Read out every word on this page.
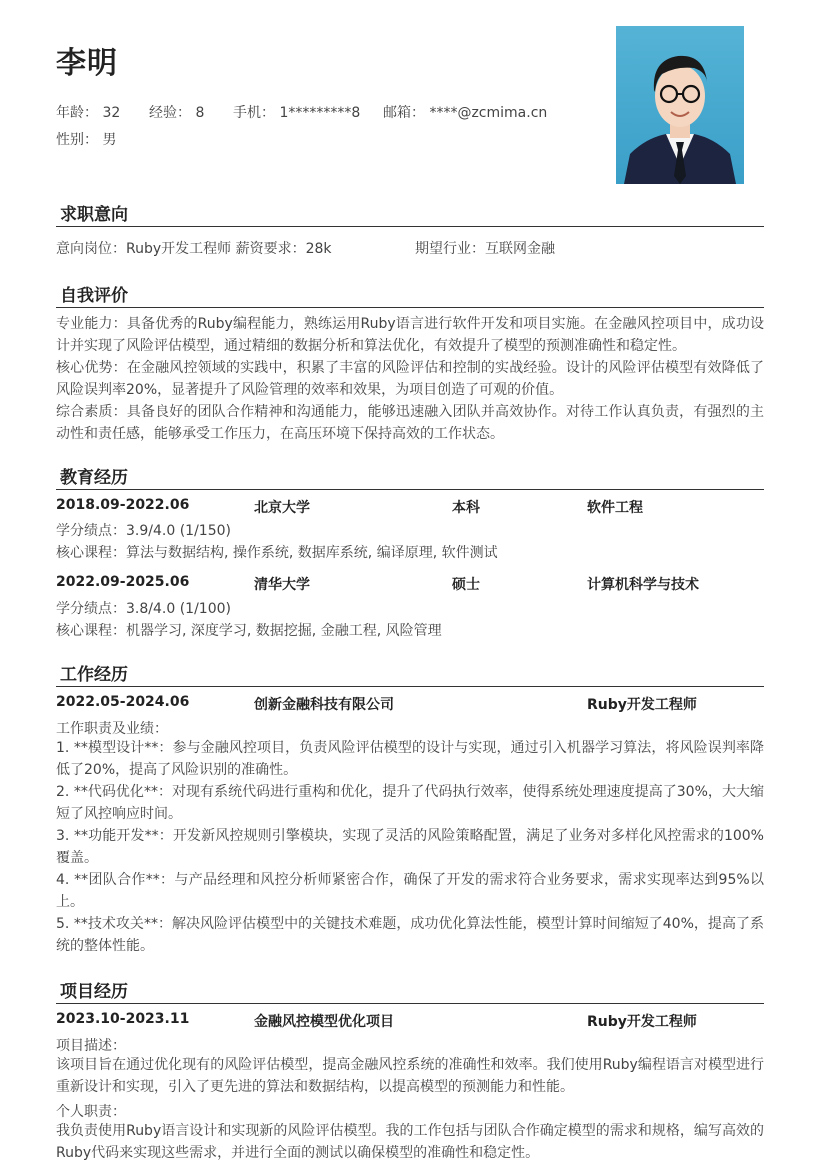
李明
年龄： 32 经验： 8 手机： 1*********8 邮箱： ****@zcmima.cn
性别： 男
求职意向
意向岗位：Ruby开发工程师 薪资要求：28k	期望行业：互联网金融
自我评价
专业能力：具备优秀的Ruby编程能力，熟练运用Ruby语言进行软件开发和项目实施。在金融风控项目中，成功设计并实现了风险评估模型，通过精细的数据分析和算法优化，有效提升了模型的预测准确性和稳定性。
核心优势：在金融风控领域的实践中，积累了丰富的风险评估和控制的实战经验。设计的风险评估模型有效降低了风险误判率20%，显著提升了风险管理的效率和效果，为项目创造了可观的价值。
综合素质：具备良好的团队合作精神和沟通能力，能够迅速融入团队并高效协作。对待工作认真负责，有强烈的主动性和责任感，能够承受工作压力，在高压环境下保持高效的工作状态。
教育经历
2018.09-2022.06	北京大学	本科	软件工程
学分绩点：3.9/4.0 (1/150)
核心课程：算法与数据结构, 操作系统, 数据库系统, 编译原理, 软件测试
2022.09-2025.06	清华大学	硕士	计算机科学与技术
学分绩点：3.8/4.0 (1/100)
核心课程：机器学习, 深度学习, 数据挖掘, 金融工程, 风险管理
工作经历
2022.05-2024.06	创新金融科技有限公司	Ruby开发工程师
工作职责及业绩：
1. **模型设计**：参与金融风控项目，负责风险评估模型的设计与实现，通过引入机器学习算法，将风险误判率降低了20%，提高了风险识别的准确性。
2. **代码优化**：对现有系统代码进行重构和优化，提升了代码执行效率，使得系统处理速度提高了30%，大大缩短了风控响应时间。
3. **功能开发**：开发新风控规则引擎模块，实现了灵活的风险策略配置，满足了业务对多样化风控需求的100%覆盖。
4. **团队合作**：与产品经理和风控分析师紧密合作，确保了开发的需求符合业务要求，需求实现率达到95%以上。
5. **技术攻关**：解决风险评估模型中的关键技术难题，成功优化算法性能，模型计算时间缩短了40%，提高了系统的整体性能。
项目经历
2023.10-2023.11	金融风控模型优化项目	Ruby开发工程师
项目描述：
该项目旨在通过优化现有的风险评估模型，提高金融风控系统的准确性和效率。我们使用Ruby编程语言对模型进行重新设计和实现，引入了更先进的算法和数据结构，以提高模型的预测能力和性能。
个人职责：
我负责使用Ruby语言设计和实现新的风险评估模型。我的工作包括与团队合作确定模型的需求和规格，编写高效的Ruby代码来实现这些需求，并进行全面的测试以确保模型的准确性和稳定性。
